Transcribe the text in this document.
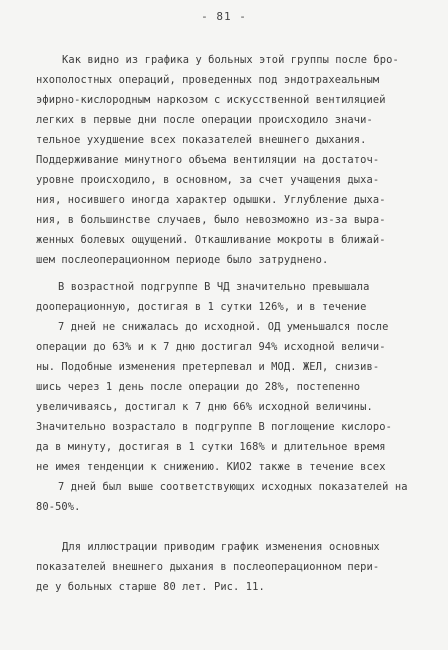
- 81 -
Как видно из графика у больных этой группы после бро-
нхополостных операций, проведенных под эндотрахеальным
эфирно-кислородным наркозом с искусственной вентиляцией
легких в первые дни после операции происходило значи-
тельное ухудшение всех показателей внешнего дыхания.
Поддерживание минутного объема вентиляции на достаточ-
уровне происходило, в основном, за счет учащения дыха-
ния, носившего иногда характер одышки. Углубление дыха-
ния, в большинстве случаев, было невозможно из-за выра-
женных болевых ощущений. Откашливание мокроты в ближай-
шем послеоперационном периоде было затруднено.
В возрастной подгруппе В ЧД значительно превышала
дооперационную, достигая в 1 сутки 126%, и в течение
7 дней не снижалась до исходной. ОД уменьшался после
операции до 63% и к 7 дню достигал 94% исходной величи-
ны. Подобные изменения претерпевал и МОД. ЖЕЛ, снизив-
шись через 1 день после операции до 28%, постепенно
увеличиваясь, достигал к 7 дню 66% исходной величины.
Значительно возрастало в подгруппе В поглощение кислоро-
да в минуту, достигая в 1 сутки 168% и длительное время
не имея тенденции к снижению. КИО2 также в течение всех
7 дней был выше соответствующих исходных показателей на
80-50%.
Для иллюстрации приводим график изменения основных
показателей внешнего дыхания в послеоперационном пери-
де у больных старше 80 лет. Рис. 11.
